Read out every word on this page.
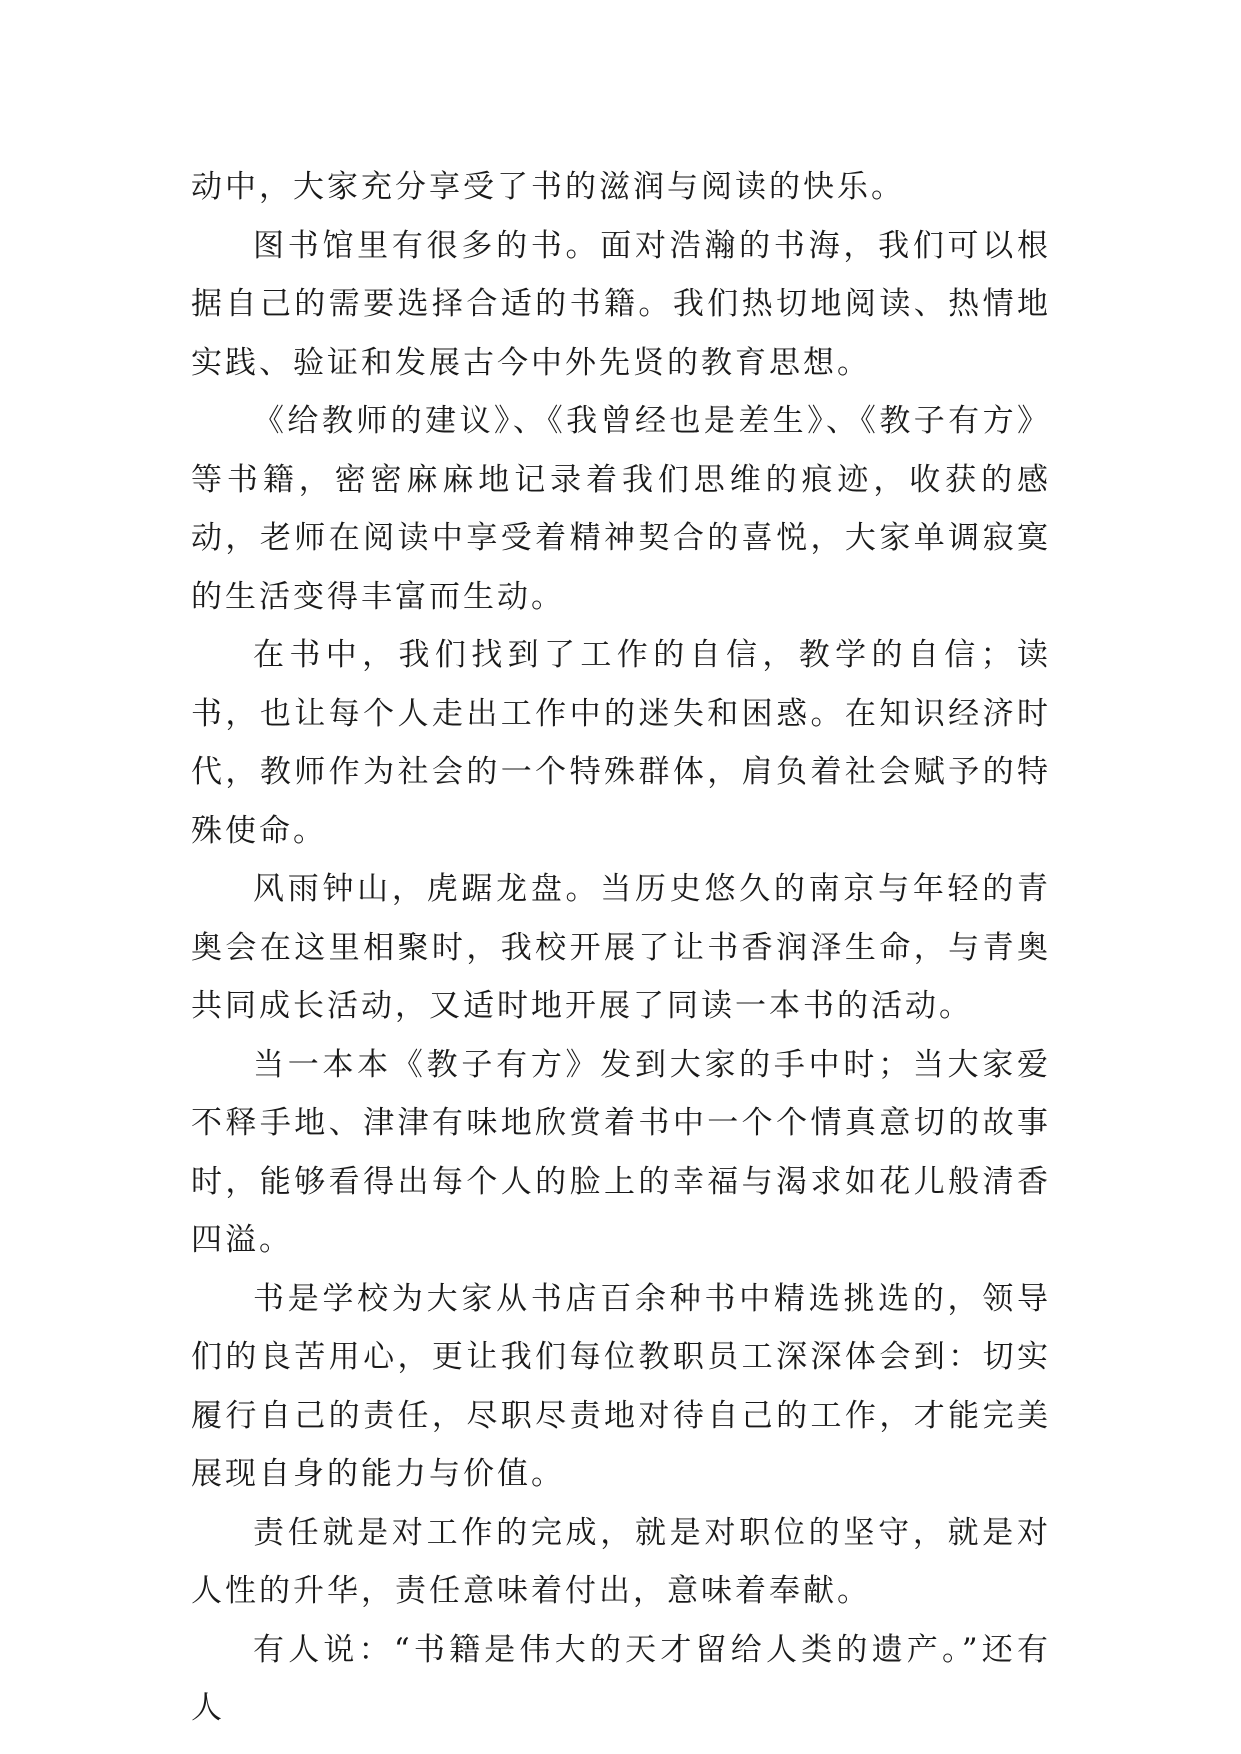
动中，大家充分享受了书的滋润与阅读的快乐。

图书馆里有很多的书。面对浩瀚的书海，我们可以根据自己的需要选择合适的书籍。我们热切地阅读、热情地实践、验证和发展古今中外先贤的教育思想。

《给教师的建议》、《我曾经也是差生》、《教子有方》等书籍，密密麻麻地记录着我们思维的痕迹，收获的感动，老师在阅读中享受着精神契合的喜悦，大家单调寂寞的生活变得丰富而生动。

在书中，我们找到了工作的自信，教学的自信；读书，也让每个人走出工作中的迷失和困惑。在知识经济时代，教师作为社会的一个特殊群体，肩负着社会赋予的特殊使命。

风雨钟山，虎踞龙盘。当历史悠久的南京与年轻的青奥会在这里相聚时，我校开展了让书香润泽生命，与青奥共同成长活动，又适时地开展了同读一本书的活动。

当一本本《教子有方》发到大家的手中时；当大家爱不释手地、津津有味地欣赏着书中一个个情真意切的故事时，能够看得出每个人的脸上的幸福与渴求如花儿般清香四溢。

书是学校为大家从书店百余种书中精选挑选的，领导们的良苦用心，更让我们每位教职员工深深体会到：切实履行自己的责任，尽职尽责地对待自己的工作，才能完美展现自身的能力与价值。

责任就是对工作的完成，就是对职位的坚守，就是对人性的升华，责任意味着付出，意味着奉献。

有人说：“书籍是伟大的天才留给人类的遗产。”还有人
